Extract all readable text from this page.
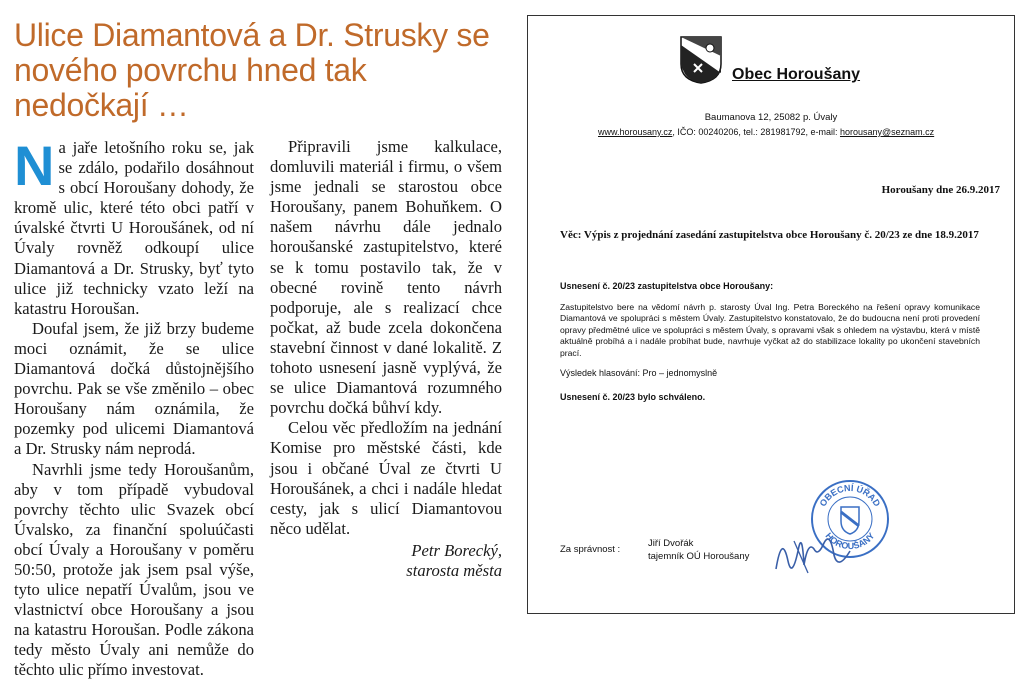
Ulice Diamantová a Dr. Strusky se nového povrchu hned tak nedočkají …

Na jaře letošního roku se, jak se zdálo, podařilo dosáhnout s obcí Horoušany dohody, že kromě ulic, které této obci patří v úvalské čtvrti U Horoušánek, od ní Úvaly rovněž odkoupí ulice Diamantová a Dr. Strusky, byť tyto ulice již technicky vzato leží na katastru Horoušan.

Doufal jsem, že již brzy budeme moci oznámit, že se ulice Diamantová dočká důstojnějšího povrchu. Pak se vše změnilo – obec Horoušany nám oznámila, že pozemky pod ulicemi Diamantová a Dr. Strusky nám neprodá.

Navrhli jsme tedy Horoušanům, aby v tom případě vybudoval povrchy těchto ulic Svazek obcí Úvalsko, za finanční spoluúčasti obcí Úvaly a Horoušany v poměru 50:50, protože jak jsem psal výše, tyto ulice nepatří Úvalům, jsou ve vlastnictví obce Horoušany a jsou na katastru Horoušan. Podle zákona tedy město Úvaly ani nemůže do těchto ulic přímo investovat.

Připravili jsme kalkulace, domluvili materiál i firmu, o všem jsme jednali se starostou obce Horoušany, panem Bohuňkem. O našem návrhu dále jednalo horoušanské zastupitelstvo, které se k tomu postavilo tak, že v obecné rovině tento návrh podporuje, ale s realizací chce počkat, až bude zcela dokončena stavební činnost v dané lokalitě. Z tohoto usnesení jasně vyplývá, že se ulice Diamantová rozumného povrchu dočká bůhví kdy.

Celou věc předložím na jednání Komise pro městské části, kde jsou i občané Úval ze čtvrti U Horoušánek, a chci i nadále hledat cesty, jak s ulicí Diamantovou něco udělat.

Petr Borecký,
starosta města

Obec Horoušany

Baumanova 12, 25082 p. Úvaly
www.horousany.cz, IČO: 00240206, tel.: 281981792, e-mail: horousany@seznam.cz
Horoušany dne 26.9.2017
Věc: Výpis z projednání zasedání zastupitelstva obce Horoušany č. 20/23 ze dne 18.9.2017
Usnesení č. 20/23 zastupitelstva obce Horoušany:
Zastupitelstvo bere na vědomí návrh p. starosty Úval Ing. Petra Boreckého na řešení opravy komunikace Diamantová ve spolupráci s městem Úvaly. Zastupitelstvo konstatovalo, že do budoucna není proti provedení opravy předmětné ulice ve spolupráci s městem Úvaly, s opravami však s ohledem na výstavbu, která v místě aktuálně probíhá a i nadále probíhat bude, navrhuje vyčkat až do stabilizace lokality po ukončení stavebních prací.
Výsledek hlasování: Pro – jednomyslně
Usnesení č. 20/23 bylo schváleno.
OBECNÍ ÚŘAD
HOROUŠANY
Za správnost :
Jiří Dvořák
tajemník OÚ Horoušany
